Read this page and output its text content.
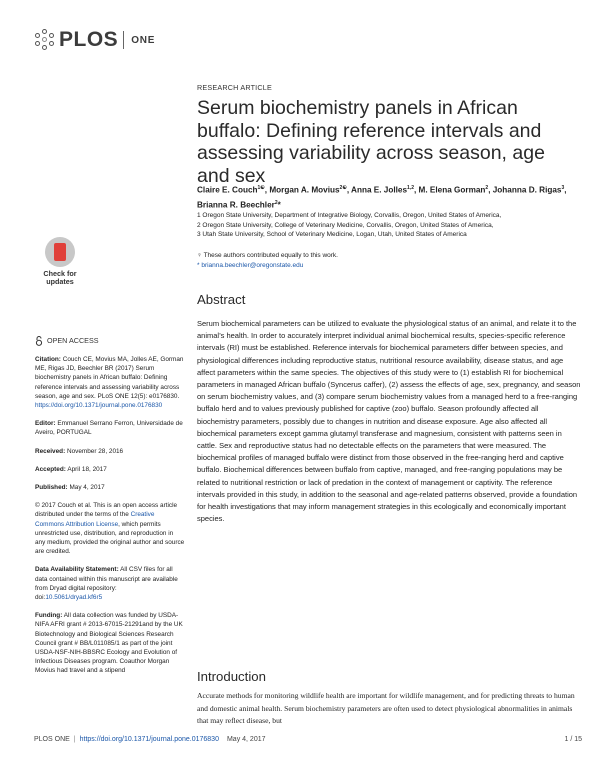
PLOS ONE
RESEARCH ARTICLE
Serum biochemistry panels in African buffalo: Defining reference intervals and assessing variability across season, age and sex
Claire E. Couch$^{1☯}$, Morgan A. Movius$^{2☯}$, Anna E. Jolles$^{1,2}$, M. Elena Gorman$^2$, Johanna D. Rigas$^3$, Brianna R. Beechler$^2$*
1 Oregon State University, Department of Integrative Biology, Corvallis, Oregon, United States of America,
2 Oregon State University, College of Veterinary Medicine, Corvallis, Oregon, United States of America,
3 Utah State University, School of Veterinary Medicine, Logan, Utah, United States of America
♀ These authors contributed equally to this work.
* brianna.beechler@oregonstate.edu
Check for
updates
OPEN ACCESS

Citation: Couch CE, Movius MA, Jolles AE, Gorman ME, Rigas JD, Beechler BR (2017) Serum biochemistry panels in African buffalo: Defining reference intervals and assessing variability across season, age and sex. PLoS ONE 12(5): e0176830. https://doi.org/10.1371/journal.pone.0176830

Editor: Emmanuel Serrano Ferron, Universidade de Aveiro, PORTUGAL

Received: November 28, 2016

Accepted: April 18, 2017

Published: May 4, 2017

© 2017 Couch et al. This is an open access article distributed under the terms of the Creative Commons Attribution License, which permits unrestricted use, distribution, and reproduction in any medium, provided the original author and source are credited.

Data Availability Statement: All CSV files for all data contained within this manuscript are available from Dryad digital repository: doi:10.5061/dryad.kf6r5

Funding: All data collection was funded by USDA-NIFA AFRI grant # 2013-67015-21291and by the UK Biotechnology and Biological Sciences Research Council grant # BB/L011085/1 as part of the joint USDA-NSF-NIH-BBSRC Ecology and Evolution of Infectious Diseases program. Coauthor Morgan Movius had travel and a stipend

Abstract
Serum biochemical parameters can be utilized to evaluate the physiological status of an animal, and relate it to the animal’s health. In order to accurately interpret individual animal biochemical results, species-specific reference intervals (RI) must be established. Reference intervals for biochemical parameters differ between species, and physiological differences including reproductive status, nutritional resource availability, disease status, and age affect parameters within the same species. The objectives of this study were to (1) establish RI for biochemical parameters in managed African buffalo (Syncerus caffer), (2) assess the effects of age, sex, pregnancy, and season on serum biochemistry values, and (3) compare serum biochemistry values from a managed herd to a free-ranging buffalo herd and to values previously published for captive (zoo) buffalo. Season profoundly affected all biochemistry parameters, possibly due to changes in nutrition and disease exposure. Age also affected all biochemical parameters except gamma glutamyl transferase and magnesium, consistent with patterns seen in cattle. Sex and reproductive status had no detectable effects on the parameters that were measured. The biochemical profiles of managed buffalo were distinct from those observed in the free-ranging herd and captive buffalo. Biochemical differences between buffalo from captive, managed, and free-ranging populations may be related to nutritional restriction or lack of predation in the context of management or captivity. The reference intervals provided in this study, in addition to the seasonal and age-related patterns observed, provide a foundation for health investigations that may inform management strategies in this ecologically and economically important species.
Introduction
Accurate methods for monitoring wildlife health are important for wildlife management, and for predicting threats to human and domestic animal health. Serum biochemistry parameters are often used to detect physiological abnormalities in animals that may reflect disease, but
PLOS ONE | https://doi.org/10.1371/journal.pone.0176830 May 4, 2017	1 / 15
